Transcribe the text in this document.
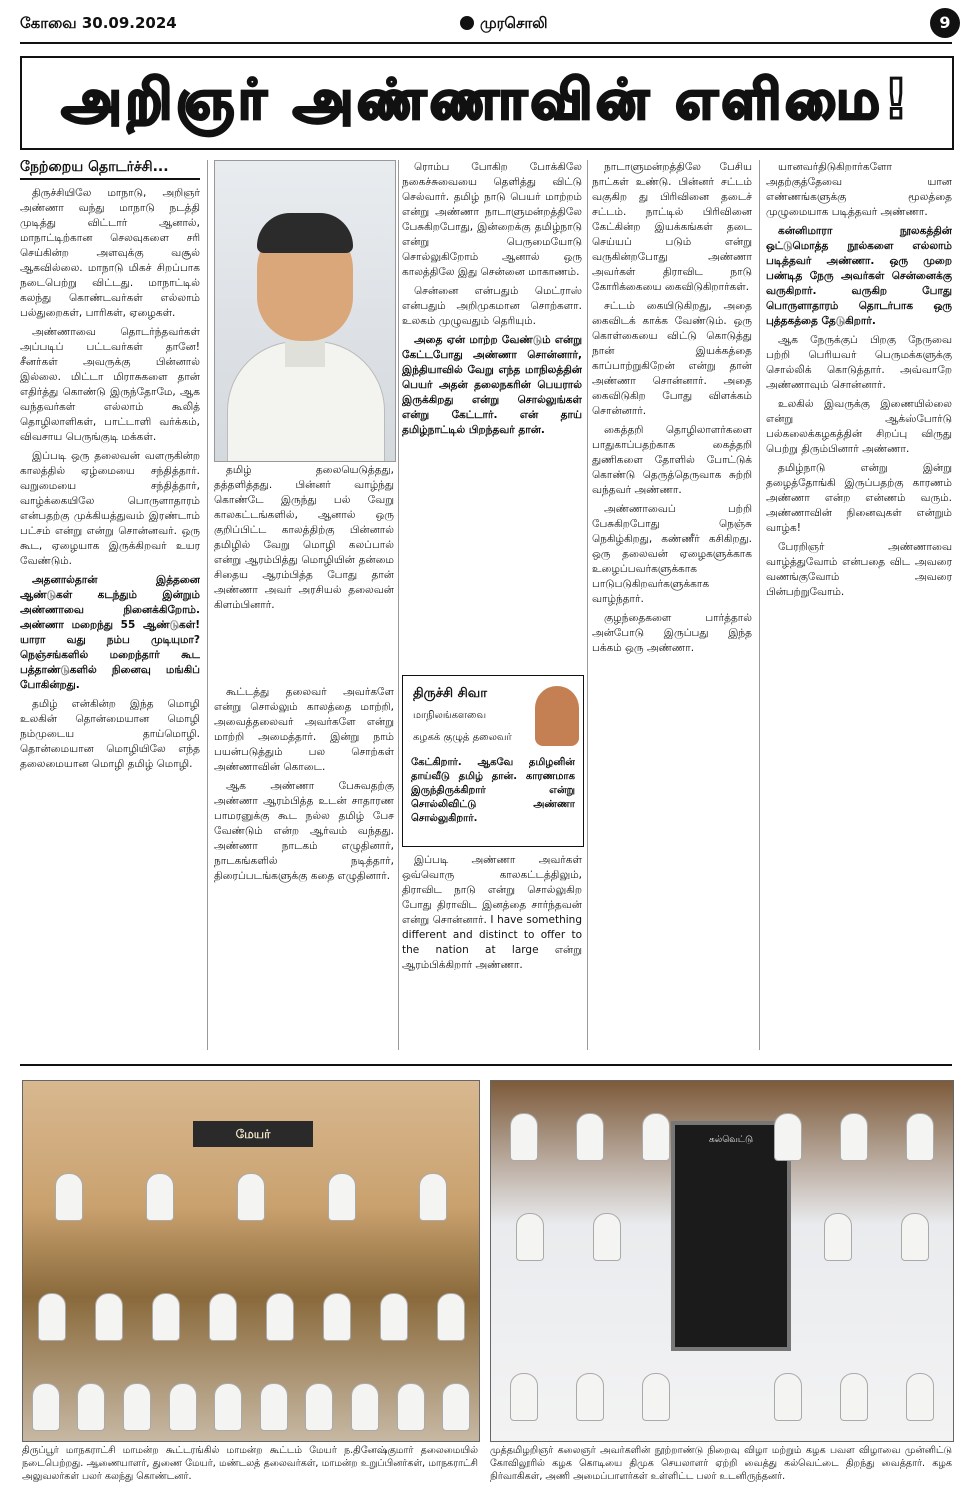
கோவை 30.09.2024	முரசொலி	9
அறிஞர் அண்ணாவின் எளிமை!
நேற்றைய தொடர்ச்சி...

திருச்சியிலே மாநாடு, அறிஞர் அண்ணா வந்து மாநாடு நடத்தி முடித்து விட்டார் ஆனால், மாநாட்டிற்கான செலவுகளை சரி செய்கின்ற அளவுக்கு வசூல் ஆகவில்லை. மாநாடு மிகச் சிறப்பாக நடைபெற்று விட்டது. மாநாட்டில் கலந்து கொண்டவர்கள் எல்லாம் பல்துறைகள், பாரிகள், ஏழைகள்.

அண்ணாவை தொடர்ந்தவர்கள் அப்படிப் பட்டவர்கள் தானே! சீனர்கள் அவருக்கு பின்னால் இல்லை. மிட்டா மிராசுகளை தான் எதிர்த்து கொண்டு இருந்தோமே, ஆக வந்தவர்கள் எல்லாம் கூலித் தொழிலாளிகள், பாட்டாளி வர்க்கம், விவசாய பெருங்குடி மக்கள்.

இப்படி ஒரு தலைவன் வளருகின்ற காலத்தில் ஏழ்மையை சந்தித்தார். வறுமையை சந்தித்தார், வாழ்க்கையிலே பொருளாதாரம் என்பதற்கு முக்கியத்துவம் இரண்டாம் பட்சம் என்று என்று சொன்னவர். ஒரு கூட, ஏழையாக இருக்கிறவர் உயர வேண்டும்.

அதனால்தான் இத்தனை ஆண்டுகள் கடந்தும் இன்றும் அண்ணாவை நினைக்கிறோம். அண்ணா மறைந்து 55 ஆண்டுகள்! யாரா வது நம்ப முடியுமா? நெஞ்சங்களில் மறைந்தார் கூட பத்தாண்டுகளில் நினைவு மங்கிப் போகின்றது.

தமிழ் என்கின்ற இந்த மொழி உலகின் தொன்மையான மொழி நம்முடைய தாய்மொழி. தொன்மையான மொழியிலே எந்த தலைமையான மொழி தமிழ் மொழி.

தமிழ் தலையெடுத்தது, தத்தளித்தது. பின்னர் வாழ்ந்து கொண்டே இருந்து பல் வேறு காலகட்டங்களில், ஆனால் ஒரு குறிப்பிட்ட காலத்திற்கு பின்னால் தமிழில் வேறு மொழி கலப்பால் என்று ஆரம்பித்து மொழியின் தன்மை சிதைய ஆரம்பித்த போது தான் அண்ணா அவர் அரசியல் தலைவன் கிளம்பினார்.

கூட்டத்து தலைவர் அவர்களே என்று சொல்லும் காலத்தை மாற்றி, அவைத்தலைவர் அவர்களே என்று மாற்றி அமைத்தார். இன்று நாம் பயன்படுத்தும் பல சொற்கள் அண்ணாவின் கொடை.

ஆக அண்ணா பேசுவதற்கு அண்ணா ஆரம்பித்த உடன் சாதாரண பாமரனுக்கு கூட நல்ல தமிழ் பேச வேண்டும் என்ற ஆர்வம் வந்தது. அண்ணா நாடகம் எழுதினார், நாடகங்களில் நடித்தார், திரைப்படங்களுக்கு கதை எழுதினார்.

ரொம்ப போகிற போக்கிலே நகைச்சுவையை தெளித்து விட்டு செல்வார். தமிழ் நாடு பெயர் மாற்றம் என்று அண்ணா நாடாளுமன்றத்திலே பேசுகிறபோது, இன்றைக்கு தமிழ்நாடு என்று பெருமையோடு சொல்லுகிறோம் ஆனால் ஒரு காலத்திலே இது சென்னை மாகாணம்.

சென்னை என்பதும் மெட்ராஸ் என்பதும் அறிமுகமான சொற்களா. உலகம் முழுவதும் தெரியும்.

அதை ஏன் மாற்ற வேண்டும் என்று கேட்டபோது அண்ணா சொன்னார், இந்தியாவில் வேறு எந்த மாநிலத்தின் பெயர் அதன் தலைநகரின் பெயரால் இருக்கிறது என்று சொல்லுங்கள் என்று கேட்டார். என் தாய் தமிழ்நாட்டில் பிறந்தவர் தான்.

திருச்சி சிவா
மாநிலங்களவை
கழகக் குழுத் தலைவர்
கேட்கிறார். ஆகவே தமிழனின் தாய்வீடு தமிழ் தான். காரணமாக இருந்திருக்கிறார் என்று சொல்லிவிட்டு அண்ணா சொல்லுகிறார்.

இப்படி அண்ணா அவர்கள் ஒவ்வொரு காலகட்டத்திலும், திராவிட நாடு என்று சொல்லுகிற போது திராவிட இனத்தை சார்ந்தவன் என்று சொன்னார். I have something different and distinct to offer to the nation at large என்று ஆரம்பிக்கிறார் அண்ணா.

நாடாளுமன்றத்திலே பேசிய நாட்கள் உண்டு. பின்னர் சட்டம் வகுகிற து பிரிவினை தடைச் சட்டம். நாட்டில் பிரிவினை கேட்கின்ற இயக்கங்கள் தடை செய்யப் படும் என்று வருகின்றபோது அண்ணா அவர்கள் திராவிட நாடு கோரிக்கையை கைவிடுகிறார்கள்.

சட்டம் கையிடுகிறது, அதை கைவிடக் காக்க வேண்டும். ஒரு கொள்கையை விட்டு கொடுத்து நான் இயக்கத்தை காப்பாற்றுகிறேன் என்று தான் அண்ணா சொன்னார். அதை கைவிடுகிற போது விளக்கம் சொன்னார்.

கைத்தறி தொழிலாளர்களை பாதுகாப்பதற்காக கைத்தறி துணிகளை தோளில் போட்டுக் கொண்டு தெருத்தெருவாக சுற்றி வந்தவர் அண்ணா.

அண்ணாவைப் பற்றி பேசுகிறபோது நெஞ்சு நெகிழ்கிறது, கண்ணீர் கசிகிறது. ஒரு தலைவன் ஏழைகளுக்காக உழைப்பவர்களுக்காக பாடுபடுகிறவர்களுக்காக வாழ்ந்தார்.

குழந்தைகளை பார்த்தால் அன்போடு இருப்பது இந்த பக்கம் ஒரு அண்ணா.

யானவர்திடுகிறார்களோ அதற்குத்தேவை யான எண்ணங்களுக்கு மூலத்தை முழுமையாக படித்தவர் அண்ணா.

கன்னிமாரா நூலகத்தின் ஒட்டுமொத்த நூல்களை எல்லாம் படித்தவர் அண்ணா. ஒரு முறை பண்டித நேரு அவர்கள் சென்னைக்கு வருகிறார். வருகிற போது பொருளாதாரம் தொடர்பாக ஒரு புத்தகத்தை தேடுகிறார்.

ஆக நேருக்குப் பிறகு நேருவை பற்றி பெரியவர் பெருமக்களுக்கு சொல்லிக் கொடுத்தார். அவ்வாறே அண்ணாவும் சொன்னார்.

உலகில் இவருக்கு இணையில்லை என்று ஆக்ஸ்போர்டு பல்கலைக்கழகத்தின் சிறப்பு விருது பெற்று திரும்பினார் அண்ணா.

தமிழ்நாடு என்று இன்று தழைத்தோங்கி இருப்பதற்கு காரணம் அண்ணா என்ற என்ணம் வரும். அண்ணாவின் நினைவுகள் என்றும் வாழ்க!

பேரறிஞர் அண்ணாவை வாழ்த்துவோம் என்பதை விட அவரை வணங்குவோம் அவரை பின்பற்றுவோம்.

மேயர்	கல்வெட்டு
திருப்பூர் மாநகராட்சி மாமன்ற கூட்டரங்கில் மாமன்ற கூட்டம் மேயர் ந.தினேஷ்குமார் தலைமையில் நடைபெற்றது. ஆணையாளர், துணை மேயர், மண்டலத் தலைவர்கள், மாமன்ற உறுப்பினர்கள், மாநகராட்சி அலுவலர்கள் பலர் கலந்து கொண்டனர்.
முத்தமிழறிஞர் கலைஞர் அவர்களின் நூற்றாண்டு நிறைவு விழா மற்றும் கழக பவள விழாவை முன்னிட்டு கோவிலூரில் கழக கொடியை திமுக செயலாளர் ஏற்றி வைத்து கல்வெட்டை திறந்து வைத்தார். கழக நிர்வாகிகள், அணி அமைப்பாளர்கள் உள்ளிட்ட பலர் உடனிருந்தனர்.
